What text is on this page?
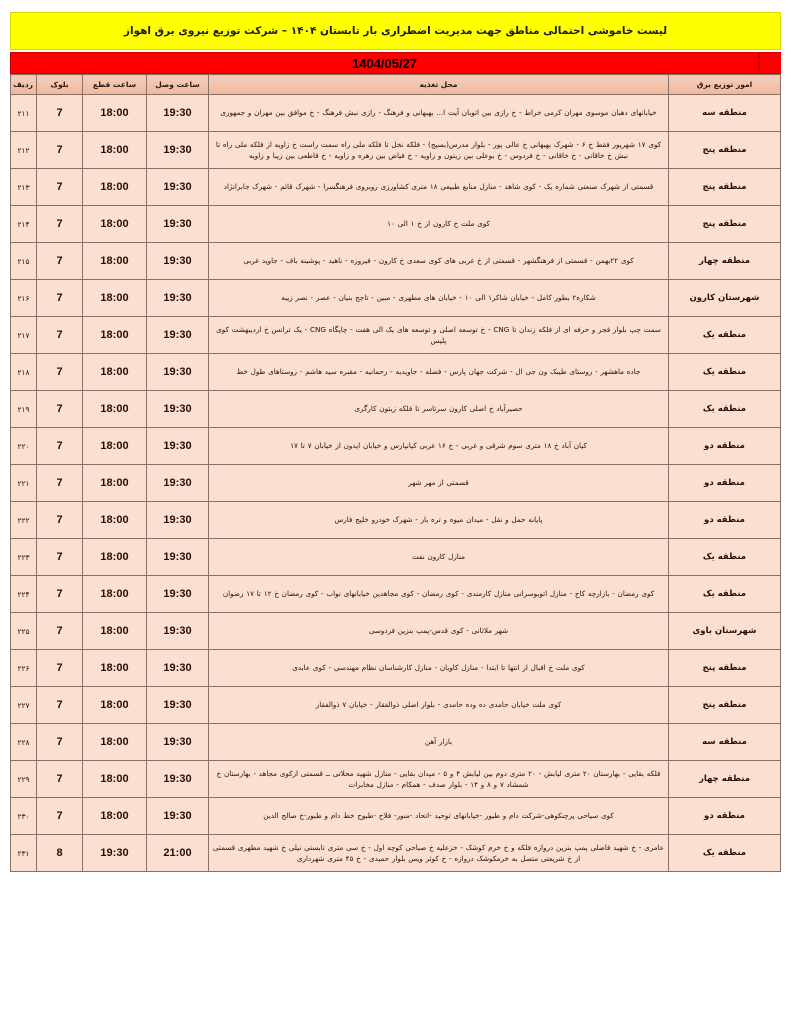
لیست خاموشی احتمالی مناطق جهت مدیریت اضطراری بار تابستان ۱۴۰۴ – شرکت توزیع نیروی برق اهواز
1404/05/27
امور توزیع برق	محل تغذیه	ساعت وصل	ساعت قطع	بلوک	ردیف
منطقه سه	خیابانهای دهبان موسوی مهران کرمی خراط - خ رازی بین اتوبان آیت ا... بهبهانی و فرهنگ - رازی نبش فرهنگ - خ موافق بین مهران و جمهوری	19:30	18:00	7	۲۱۱
منطقه پنج	کوی ۱۷ شهریور فقط خ ۶ - شهرک بهبهانی خ عالی پور - بلوار مدرس(بسیج) - فلکه نخل تا فلکه ملی راه سمت راست خ زاویه از فلکه ملی راه تا نبش خ خاقانی - خ خاقانی - خ فردوس - خ بوعلی بین زیتون و زاویه - خ فیاض بین زهره و زاویه - خ قاطعی بین زیبا و زاویه	19:30	18:00	7	۲۱۲
منطقه پنج	قسمتی از شهرک صنعتی شماره یک - کوی شاهد - منازل منابع طبیعی ۱۸ متری کشاورزی روبروی فرهنگسرا - شهرک قائم - شهرک جابرانژاد	19:30	18:00	7	۲۱۳
منطقه پنج	کوی ملت خ کارون از خ ۱ الی ۱۰	19:30	18:00	7	۲۱۴
منطقه چهار	کوی ۲۲بهمن - قسمتی از فرهنگشهر - قسمتی از خ غربی های کوی سعدی خ کارون - فیروزه - ناهید - پوشینه باف - جاوید غربی	19:30	18:00	7	۲۱۵
شهرستان کارون	شکاره۲ بطور کامل - خیابان شاکر۱ الی ۱۰ - خیابان های مطهری - مبین - تاجح بنیان - عصر - نصر زیبه	19:30	18:00	7	۲۱۶
منطقه یک	سمت چپ بلوار فجر و حرفه ای از فلکه زندان تا CNG - خ توسعه اصلی و توسعه های یک الی هفت - چاپگاه CNG - یک ترانس خ اردیبهشت کوی پلیس	19:30	18:00	7	۲۱۷
منطقه یک	جاده ماهشهر - روستای طیبک ون جی ال - شرکت جهان پارس - فضله - جاویدیه - رحمانیه - مقبره سید هاشم - روستاهای طول خط	19:30	18:00	7	۲۱۸
منطقه یک	حصیرآباد خ اصلی کارون سرتاسر تا فلکه زیتون کارگری	19:30	18:00	7	۲۱۹
منطقه دو	کیان آباد خ ۱۸ متری سوم شرقی و غربی - خ ۱۶ غربی کیانپارس و خیابان ایدون از خیابان ۷ تا ۱۷	19:30	18:00	7	۲۲۰
منطقه دو	قسمتی از مهر شهر	19:30	18:00	7	۲۲۱
منطقه دو	پایانه حمل و نقل - میدان میوه و تره بار - شهرک خودرو خلیج فارس	19:30	18:00	7	۲۲۲
منطقه یک	منازل کارون نفت	19:30	18:00	7	۲۲۳
منطقه یک	کوی رمضان - بازارچه کاج - منازل اتوبوسرانی منازل کارمندی - کوی رمضان - کوی مجاهدین خیابانهای نواب - کوی رمضان خ ۱۲ تا ۱۷ رضوان	19:30	18:00	7	۲۲۴
شهرستان باوی	شهر ملاثانی - کوی قدس-پمپ بنزین فردوسی	19:30	18:00	7	۲۲۵
منطقه پنج	کوی ملت خ اقبال از انتها تا ابتدا - منازل کاویان - منازل کارشناسان نظام مهندسی - کوی عابدی	19:30	18:00	7	۲۲۶
منطقه پنج	کوی ملت خیابان حامدی ده وده حامدی - بلوار اصلی ذوالفقار - خیابان ۷ ذوالفقار	19:30	18:00	7	۲۲۷
منطقه سه	بازار آهن	19:30	18:00	7	۲۲۸
منطقه چهار	فلکه بقایی - بهارستان ۲۰ متری لیابش - ۲۰ متری دوم بین لیابش ۴ و ۵ - میدان بقایی - منازل شهید محلاتی ــ قسمتی ازکوی مجاهد - بهارستان خ شمشاد ۷ و ۸ و ۱۴ - بلوار صدف - همکام - منازل مخابرات	19:30	18:00	7	۲۲۹
منطقه دو	کوی سیاحی پرچنکوهی-شرکت دام و طیور -خیابانهای توحید -اتحاد -منور- فلاح -طبوح خط دام و طبور-خ صالح الدین	19:30	18:00	7	۲۳۰
منطقه یک	عامری - خ شهید فاضلی پمپ بنزین دروازه فلکه و خ خرم کوشک - خزعلیه خ صباحی کوچه اول - خ سی متری تابستی نیلی خ شهید مطهری قسمتی از خ شریعتی متصل به خرمکوشک دروازه - خ کوثر ویس بلوار حمیدی - خ ۴۵ متری شهرداری	21:00	19:30	8	۲۳۱
